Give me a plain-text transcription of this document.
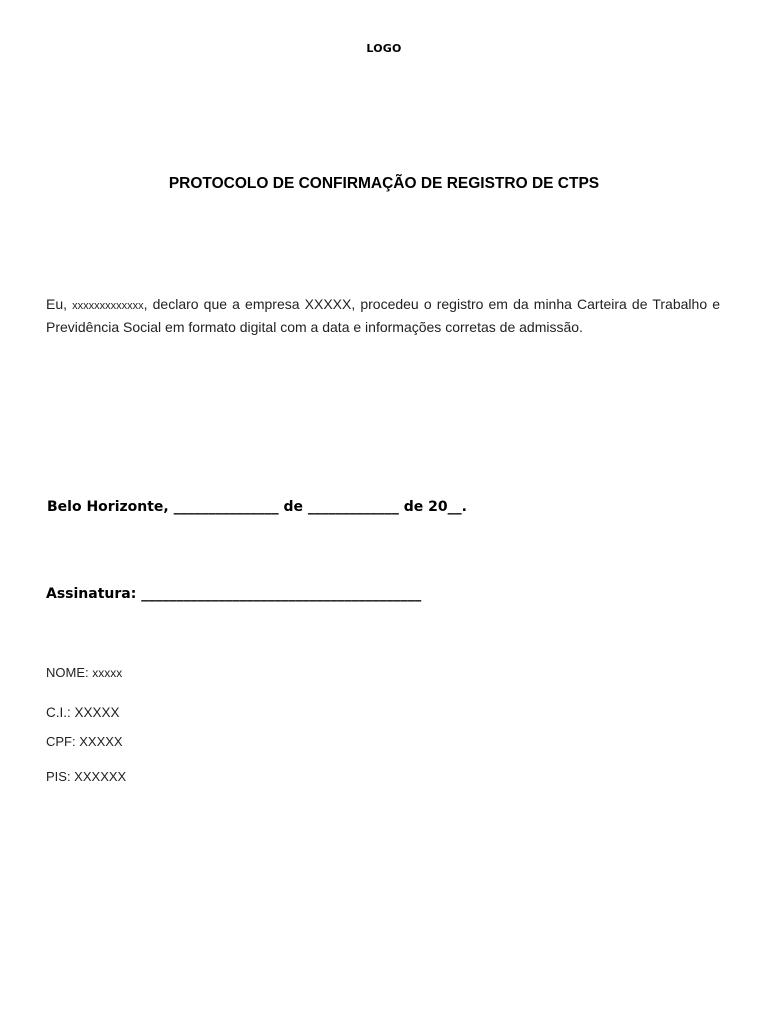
LOGO
PROTOCOLO DE CONFIRMAÇÃO DE REGISTRO DE CTPS
Eu, xxxxxxxxxxxxx, declaro que a empresa XXXXX, procedeu o registro em da minha Carteira de Trabalho e Previdência Social em formato digital com a data e informações corretas de admissão.
Belo Horizonte, _______________ de _____________ de 20__.
Assinatura: ________________________________________
NOME: xxxxx
C.I.: XXXXX
CPF: XXXXX
PIS: XXXXXX
